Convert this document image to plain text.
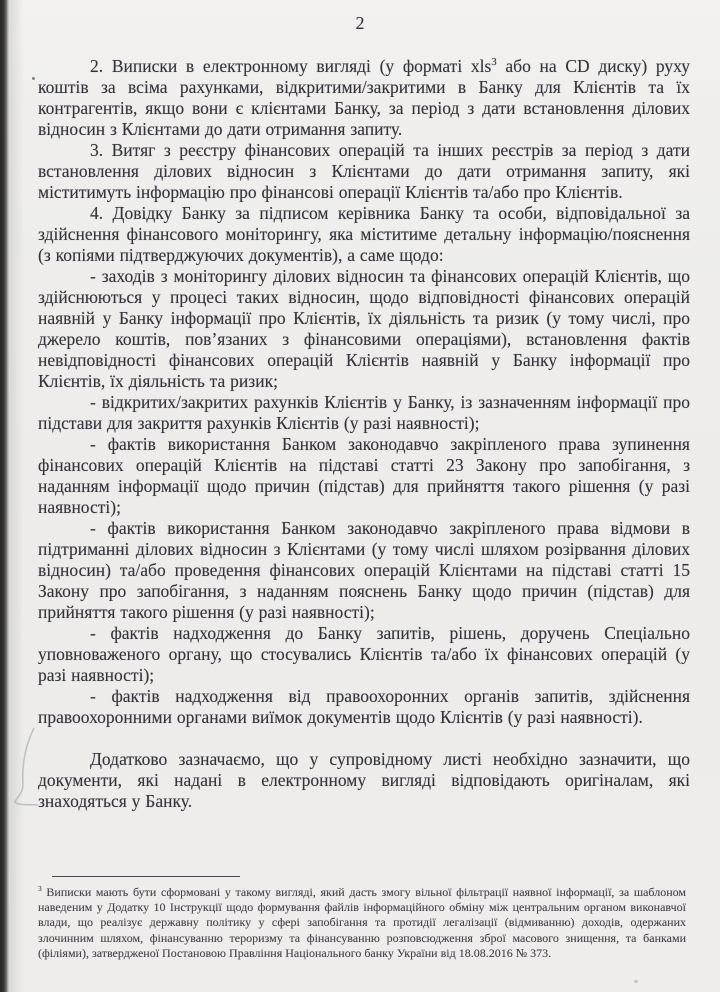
2

2. Виписки в електронному вигляді (у форматі xls$^3$ або на CD диску) руху коштів за всіма рахунками, відкритими/закритими в Банку для Клієнтів та їх контрагентів, якщо вони є клієнтами Банку, за період з дати встановлення ділових відносин з Клієнтами до дати отримання запиту.

3. Витяг з реєстру фінансових операцій та інших реєстрів за період з дати встановлення ділових відносин з Клієнтами до дати отримання запиту, які міститимуть інформацію про фінансові операції Клієнтів та/або про Клієнтів.

4. Довідку Банку за підписом керівника Банку та особи, відповідальної за здійснення фінансового моніторингу, яка міститиме детальну інформацію/пояснення (з копіями підтверджуючих документів), а саме щодо:

- заходів з моніторингу ділових відносин та фінансових операцій Клієнтів, що здійснюються у процесі таких відносин, щодо відповідності фінансових операцій наявній у Банку інформації про Клієнтів, їх діяльність та ризик (у тому числі, про джерело коштів, пов’язаних з фінансовими операціями), встановлення фактів невідповідності фінансових операцій Клієнтів наявній у Банку інформації про Клієнтів, їх діяльність та ризик;

- відкритих/закритих рахунків Клієнтів у Банку, із зазначенням інформації про підстави для закриття рахунків Клієнтів (у разі наявності);

- фактів використання Банком законодавчо закріпленого права зупинення фінансових операцій Клієнтів на підставі статті 23 Закону про запобігання, з наданням інформації щодо причин (підстав) для прийняття такого рішення (у разі наявності);

- фактів використання Банком законодавчо закріпленого права відмови в підтриманні ділових відносин з Клієнтами (у тому числі шляхом розірвання ділових відносин) та/або проведення фінансових операцій Клієнтами на підставі статті 15 Закону про запобігання, з наданням пояснень Банку щодо причин (підстав) для прийняття такого рішення (у разі наявності);

- фактів надходження до Банку запитів, рішень, доручень Спеціально уповноваженого органу, що стосувались Клієнтів та/або їх фінансових операцій (у разі наявності);

- фактів надходження від правоохоронних органів запитів, здійснення правоохоронними органами виїмок документів щодо Клієнтів (у разі наявності).

Додатково зазначаємо, що у супровідному листі необхідно зазначити, що документи, які надані в електронному вигляді відповідають оригіналам, які знаходяться у Банку.

$^3$ Виписки мають бути сформовані у такому вигляді, який дасть змогу вільної фільтрації наявної інформації, за шаблоном наведеним у Додатку 10 Інструкції щодо формування файлів інформаційного обміну між центральним органом виконавчої влади, що реалізує державну політику у сфері запобігання та протидії легалізації (відмиванню) доходів, одержаних злочинним шляхом, фінансуванню тероризму та фінансуванню розповсюдження зброї масового знищення, та банками (філіями), затвердженої Постановою Правління Національного банку України від 18.08.2016 № 373.
